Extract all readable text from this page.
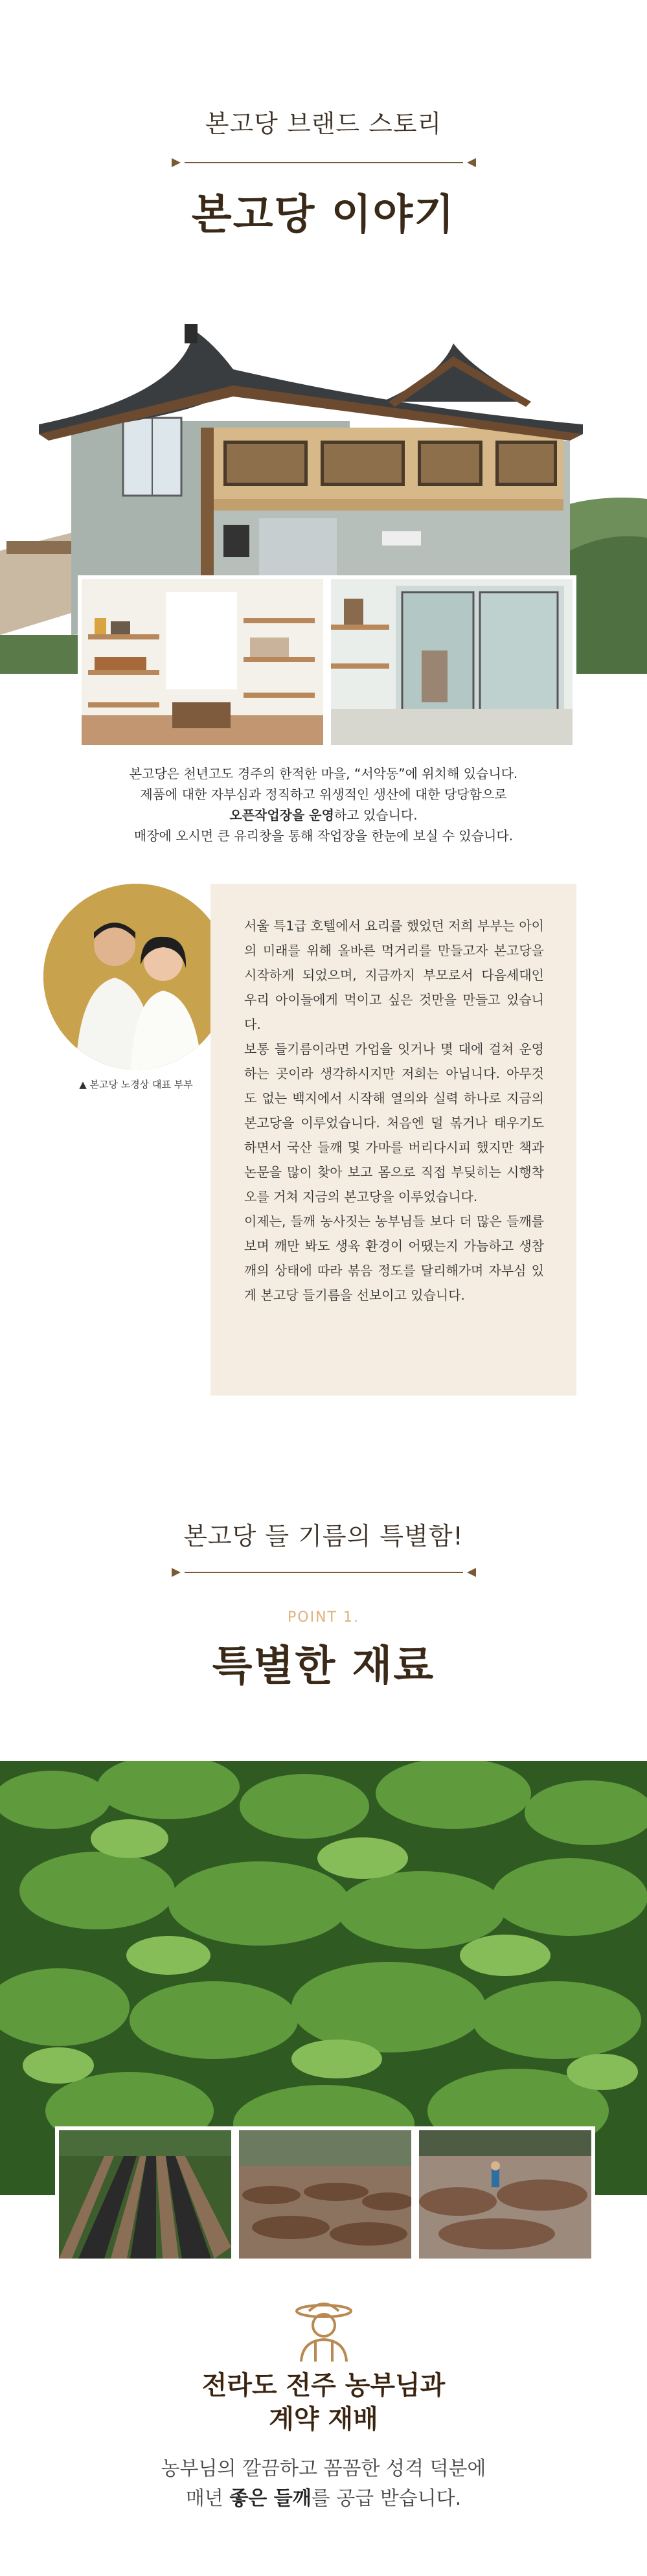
본고당 브랜드 스토리
본고당 이야기
본고당은 천년고도 경주의 한적한 마을, “서악동”에 위치해 있습니다.
제품에 대한 자부심과 정직하고 위생적인 생산에 대한 당당함으로
오픈작업장을 운영하고 있습니다.
매장에 오시면 큰 유리창을 통해 작업장을 한눈에 보실 수 있습니다.
▲ 본고당 노경상 대표 부부

서울 특1급 호텔에서 요리를 했었던 저희 부부는 아이의 미래를 위해 올바른 먹거리를 만들고자 본고당을 시작하게 되었으며, 지금까지 부모로서 다음세대인 우리 아이들에게 먹이고 싶은 것만을 만들고 있습니다.

보통 들기름이라면 가업을 잇거나 몇 대에 걸쳐 운영하는 곳이라 생각하시지만 저희는 아닙니다. 아무것도 없는 백지에서 시작해 열의와 실력 하나로 지금의 본고당을 이루었습니다. 처음엔 덜 볶거나 태우기도 하면서 국산 들깨 몇 가마를 버리다시피 했지만 책과 논문을 많이 찾아 보고 몸으로 직접 부딪히는 시행착오를 거쳐 지금의 본고당을 이루었습니다.

이제는, 들깨 농사짓는 농부님들 보다 더 많은 들깨를 보며 깨만 봐도 생육 환경이 어땠는지 가늠하고 생참깨의 상태에 따라 볶음 정도를 달리해가며 자부심 있게 본고당 들기름을 선보이고 있습니다.

본고당 들 기름의 특별함!
POINT 1.
특별한 재료
전라도 전주 농부님과
계약 재배
농부님의 깔끔하고 꼼꼼한 성격 덕분에
매년 좋은 들깨를 공급 받습니다.
